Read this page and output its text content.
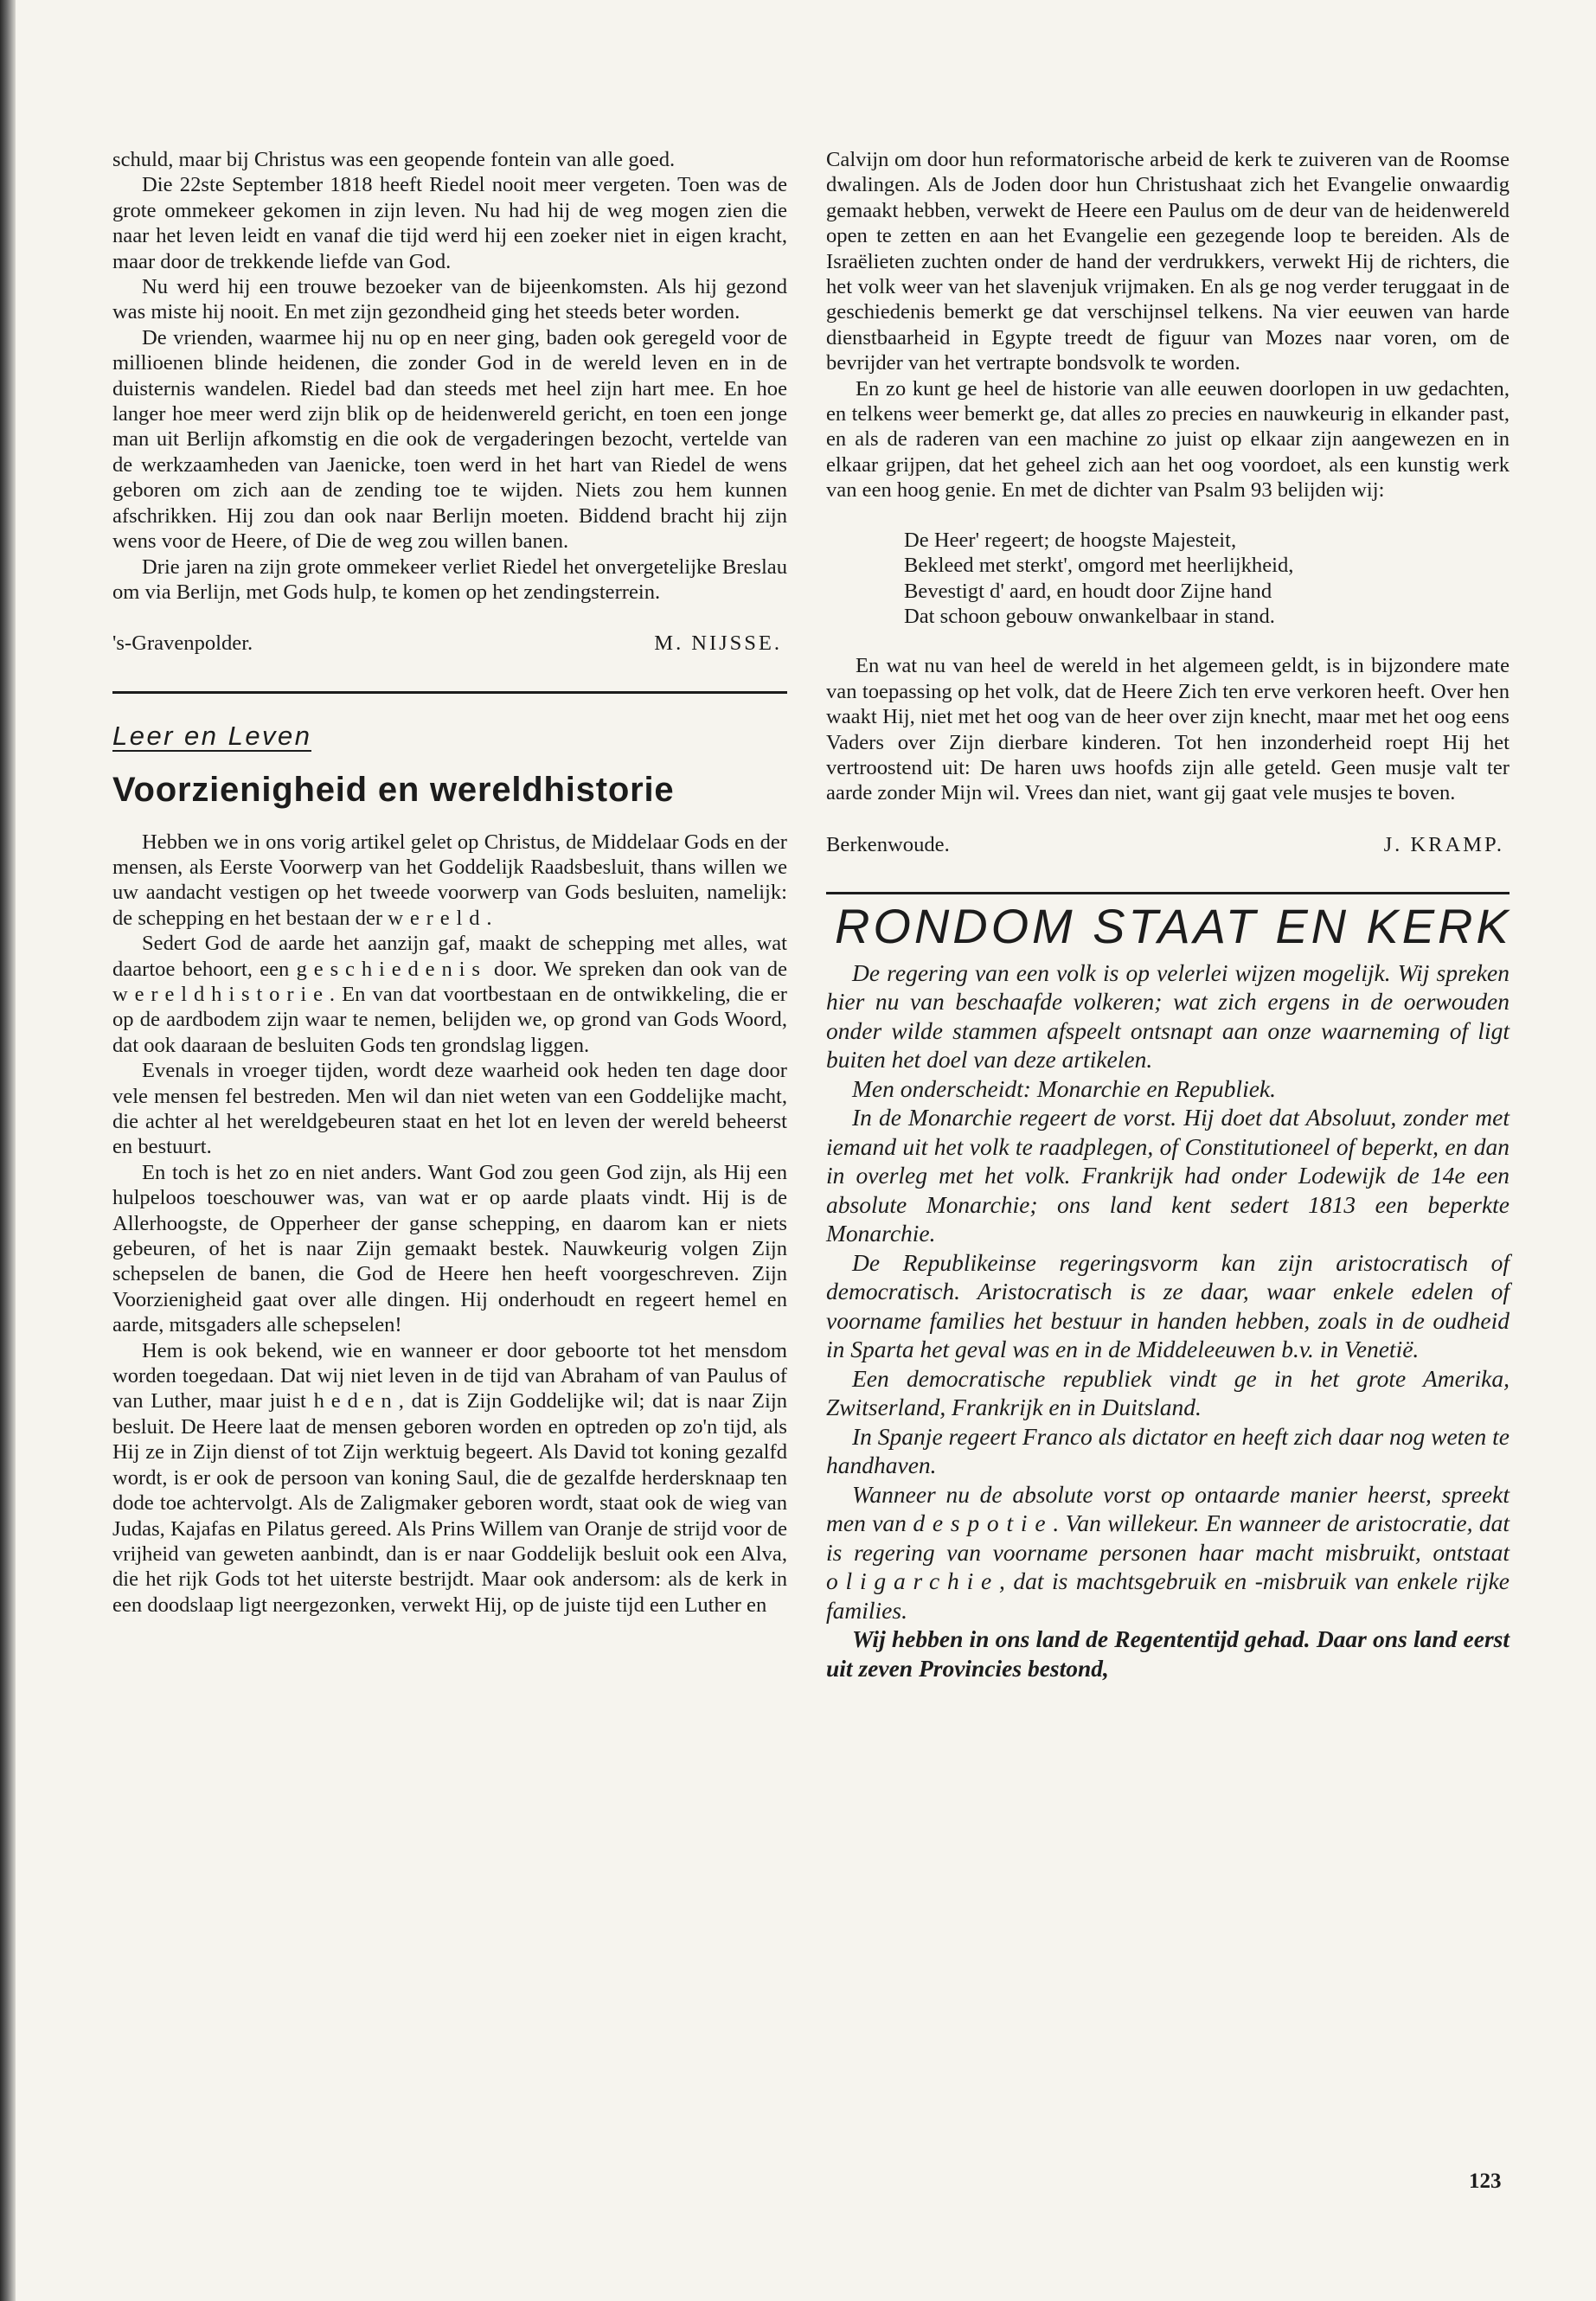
schuld, maar bij Christus was een geopende fontein van alle goed.

Die 22ste September 1818 heeft Riedel nooit meer vergeten. Toen was de grote ommekeer gekomen in zijn leven. Nu had hij de weg mogen zien die naar het leven leidt en vanaf die tijd werd hij een zoeker niet in eigen kracht, maar door de trekkende liefde van God.

Nu werd hij een trouwe bezoeker van de bijeenkomsten. Als hij gezond was miste hij nooit. En met zijn gezondheid ging het steeds beter worden.

De vrienden, waarmee hij nu op en neer ging, baden ook geregeld voor de millioenen blinde heidenen, die zonder God in de wereld leven en in de duisternis wandelen. Riedel bad dan steeds met heel zijn hart mee. En hoe langer hoe meer werd zijn blik op de heidenwereld gericht, en toen een jonge man uit Berlijn afkomstig en die ook de vergaderingen bezocht, vertelde van de werkzaamheden van Jaenicke, toen werd in het hart van Riedel de wens geboren om zich aan de zending toe te wijden. Niets zou hem kunnen afschrikken. Hij zou dan ook naar Berlijn moeten. Biddend bracht hij zijn wens voor de Heere, of Die de weg zou willen banen.

Drie jaren na zijn grote ommekeer verliet Riedel het onvergetelijke Breslau om via Berlijn, met Gods hulp, te komen op het zendingsterrein.

's-Gravenpolder.	M. NIJSSE.
Leer en Leven
Voorzienigheid en wereldhistorie

Hebben we in ons vorig artikel gelet op Christus, de Middelaar Gods en der mensen, als Eerste Voorwerp van het Goddelijk Raadsbesluit, thans willen we uw aandacht vestigen op het tweede voorwerp van Gods besluiten, namelijk: de schepping en het bestaan der wereld.

Sedert God de aarde het aanzijn gaf, maakt de schepping met alles, wat daartoe behoort, een geschiedenis door. We spreken dan ook van de wereldhistorie. En van dat voortbestaan en de ontwikkeling, die er op de aardbodem zijn waar te nemen, belijden we, op grond van Gods Woord, dat ook daaraan de besluiten Gods ten grondslag liggen.

Evenals in vroeger tijden, wordt deze waarheid ook heden ten dage door vele mensen fel bestreden. Men wil dan niet weten van een Goddelijke macht, die achter al het wereldgebeuren staat en het lot en leven der wereld beheerst en bestuurt.

En toch is het zo en niet anders. Want God zou geen God zijn, als Hij een hulpeloos toeschouwer was, van wat er op aarde plaats vindt. Hij is de Allerhoogste, de Opperheer der ganse schepping, en daarom kan er niets gebeuren, of het is naar Zijn gemaakt bestek. Nauwkeurig volgen Zijn schepselen de banen, die God de Heere hen heeft voorgeschreven. Zijn Voorzienigheid gaat over alle dingen. Hij onderhoudt en regeert hemel en aarde, mitsgaders alle schepselen!

Hem is ook bekend, wie en wanneer er door geboorte tot het mensdom worden toegedaan. Dat wij niet leven in de tijd van Abraham of van Paulus of van Luther, maar juist heden, dat is Zijn Goddelijke wil; dat is naar Zijn besluit. De Heere laat de mensen geboren worden en optreden op zo'n tijd, als Hij ze in Zijn dienst of tot Zijn werktuig begeert. Als David tot koning gezalfd wordt, is er ook de persoon van koning Saul, die de gezalfde herdersknaap ten dode toe achtervolgt. Als de Zaligmaker geboren wordt, staat ook de wieg van Judas, Kajafas en Pilatus gereed. Als Prins Willem van Oranje de strijd voor de vrijheid van geweten aanbindt, dan is er naar Goddelijk besluit ook een Alva, die het rijk Gods tot het uiterste bestrijdt. Maar ook andersom: als de kerk in een doodslaap ligt neergezonken, verwekt Hij, op de juiste tijd een Luther en

Calvijn om door hun reformatorische arbeid de kerk te zuiveren van de Roomse dwalingen. Als de Joden door hun Christushaat zich het Evangelie onwaardig gemaakt hebben, verwekt de Heere een Paulus om de deur van de heidenwereld open te zetten en aan het Evangelie een gezegende loop te bereiden. Als de Israëlieten zuchten onder de hand der verdrukkers, verwekt Hij de richters, die het volk weer van het slavenjuk vrijmaken. En als ge nog verder teruggaat in de geschiedenis bemerkt ge dat verschijnsel telkens. Na vier eeuwen van harde dienstbaarheid in Egypte treedt de figuur van Mozes naar voren, om de bevrijder van het vertrapte bondsvolk te worden.

En zo kunt ge heel de historie van alle eeuwen doorlopen in uw gedachten, en telkens weer bemerkt ge, dat alles zo precies en nauwkeurig in elkander past, en als de raderen van een machine zo juist op elkaar zijn aangewezen en in elkaar grijpen, dat het geheel zich aan het oog voordoet, als een kunstig werk van een hoog genie. En met de dichter van Psalm 93 belijden wij:

De Heer' regeert; de hoogste Majesteit,
Bekleed met sterkt', omgord met heerlijkheid,
Bevestigt d' aard, en houdt door Zijne hand
Dat schoon gebouw onwankelbaar in stand.

En wat nu van heel de wereld in het algemeen geldt, is in bijzondere mate van toepassing op het volk, dat de Heere Zich ten erve verkoren heeft. Over hen waakt Hij, niet met het oog van de heer over zijn knecht, maar met het oog eens Vaders over Zijn dierbare kinderen. Tot hen inzonderheid roept Hij het vertroostend uit: De haren uws hoofds zijn alle geteld. Geen musje valt ter aarde zonder Mijn wil. Vrees dan niet, want gij gaat vele musjes te boven.

Berkenwoude.	J. KRAMP.
RONDOM STAAT EN KERK

De regering van een volk is op velerlei wijzen mogelijk. Wij spreken hier nu van beschaafde volkeren; wat zich ergens in de oerwouden onder wilde stammen afspeelt ontsnapt aan onze waarneming of ligt buiten het doel van deze artikelen.

Men onderscheidt: Monarchie en Republiek.

In de Monarchie regeert de vorst. Hij doet dat Absoluut, zonder met iemand uit het volk te raadplegen, of Constitutioneel of beperkt, en dan in overleg met het volk. Frankrijk had onder Lodewijk de 14e een absolute Monarchie; ons land kent sedert 1813 een beperkte Monarchie.

De Republikeinse regeringsvorm kan zijn aristocratisch of democratisch. Aristocratisch is ze daar, waar enkele edelen of voorname families het bestuur in handen hebben, zoals in de oudheid in Sparta het geval was en in de Middeleeuwen b.v. in Venetië.

Een democratische republiek vindt ge in het grote Amerika, Zwitserland, Frankrijk en in Duitsland.

In Spanje regeert Franco als dictator en heeft zich daar nog weten te handhaven.

Wanneer nu de absolute vorst op ontaarde manier heerst, spreekt men van despotie. Van willekeur. En wanneer de aristocratie, dat is regering van voorname personen haar macht misbruikt, ontstaat oligarchie, dat is machtsgebruik en -misbruik van enkele rijke families.

Wij hebben in ons land de Regententijd gehad. Daar ons land eerst uit zeven Provincies bestond,

123
